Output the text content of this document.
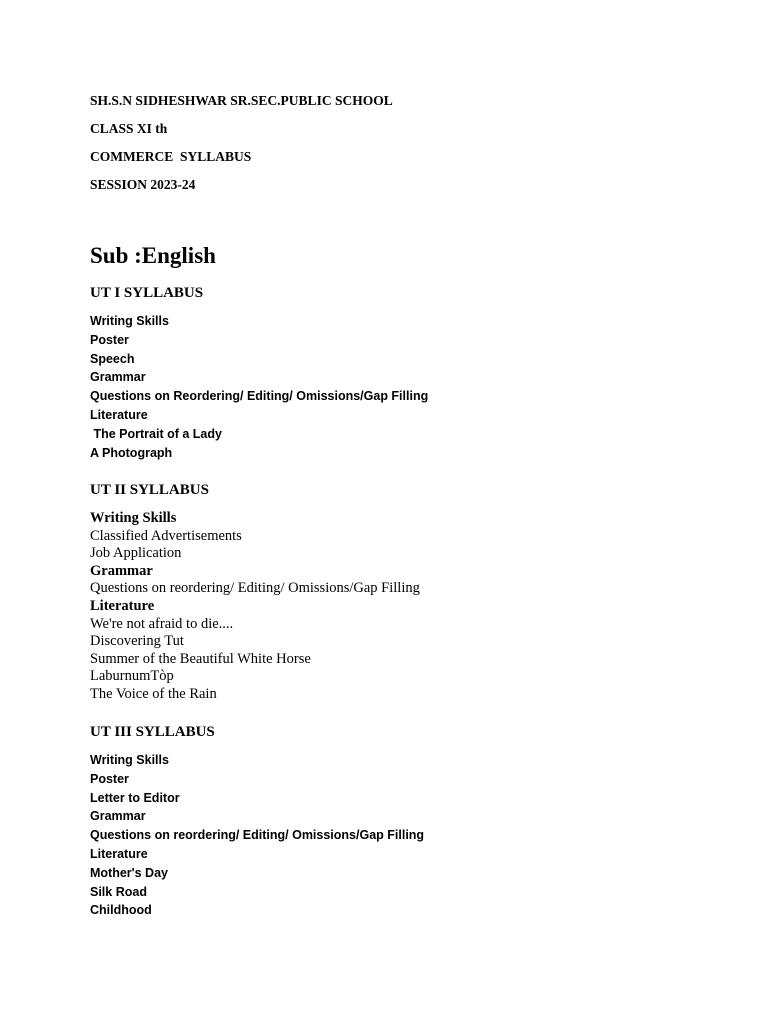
SH.S.N SIDHESHWAR SR.SEC.PUBLIC SCHOOL
CLASS XI th
COMMERCE  SYLLABUS
SESSION 2023-24
Sub :English
UT I SYLLABUS
Writing Skills
Poster
Speech
Grammar
Questions on Reordering/ Editing/ Omissions/Gap Filling
Literature
The Portrait of a Lady
A Photograph
UT II SYLLABUS
Writing Skills
Classified Advertisements
Job Application
Grammar
Questions on reordering/ Editing/ Omissions/Gap Filling
Literature
We're not afraid to die....
Discovering Tut
Summer of the Beautiful White Horse
LaburnumTòp
The Voice of the Rain
UT III SYLLABUS
Writing Skills
Poster
Letter to Editor
Grammar
Questions on reordering/ Editing/ Omissions/Gap Filling
Literature
Mother's Day
Silk Road
Childhood
